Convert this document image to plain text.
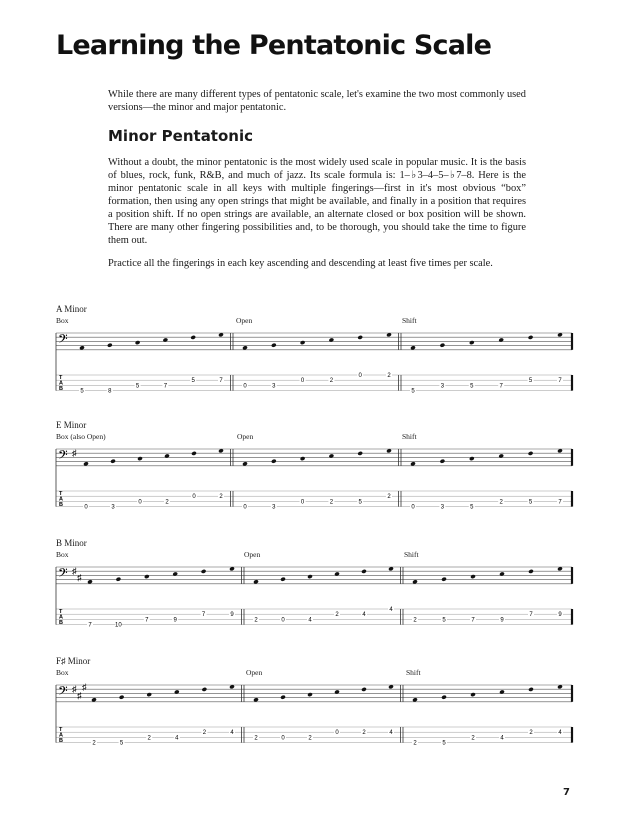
Learning the Pentatonic Scale

While there are many different types of pentatonic scale, let's examine the two most commonly used versions—the minor and major pentatonic.

Minor Pentatonic

Without a doubt, the minor pentatonic is the most widely used scale in popular music. It is the basis of blues, rock, funk, R&B, and much of jazz. Its scale formula is: 1–♭3–4–5–♭7–8. Here is the minor pentatonic scale in all keys with multiple fingerings—first in it's most obvious “box” formation, then using any open strings that might be available, and finally in a position that requires a position shift. If no open strings are available, an alternate closed or box position will be shown. There are many other fingering possibilities and, to be thorough, you should take the time to figure them out.

Practice all the fingerings in each key ascending and descending at least five times per scale.

A Minor
Box	Open	Shift
𝄢
T
A
B	5	8
5	7
5	7
0	3
0	2
0	2
5
3	5	7
5	7
E Minor
Box (also Open)	Open	Shift
𝄢 ♯
T
A
B	0	3
0	2
0	2
0	3
0	2	5
2
0	3	5
2	5	7
B Minor
Box	Open	Shift
𝄢 ♯
♯
T
A
B	7	10
7	9
7	9
2	0	4
2	4
4
2	5	7	9
7	9
F♯ Minor
Box	Open	Shift
𝄢 ♯
♯
♯
T
A
B	2	5
2	4
2	4
2	0	2
0	2	4
2	5
2	4
2	4
7
